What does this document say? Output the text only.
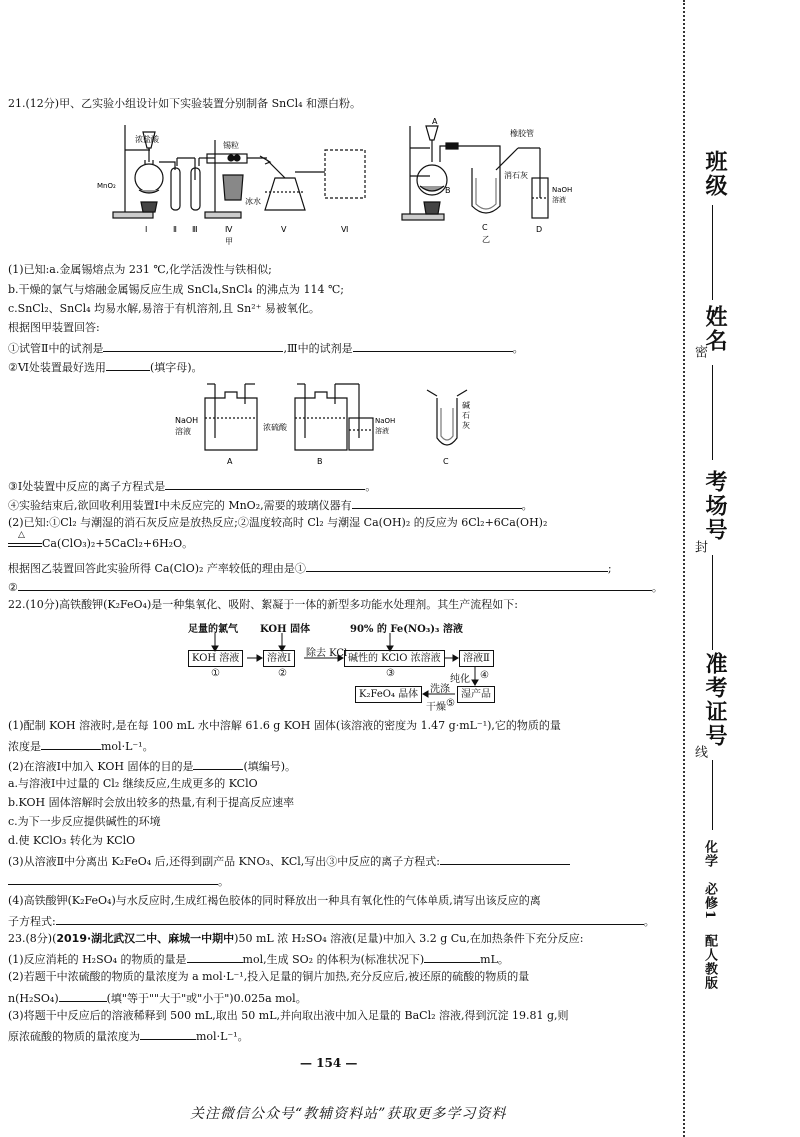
21.(12分)甲、乙实验小组设计如下实验装置分别制备 SnCl₄ 和漂白粉。
浓盐酸
锡粒
MnO₂
冰水
Ⅰ	Ⅱ Ⅲ	Ⅳ	Ⅴ	Ⅵ
甲
A
B
C	D
橡胶管
消石灰
NaOH
溶液
乙
(1)已知:a.金属锡熔点为 231 ℃,化学活泼性与铁相似;
b.干燥的氯气与熔融金属锡反应生成 SnCl₄,SnCl₄ 的沸点为 114 ℃;
c.SnCl₂、SnCl₄ 均易水解,易溶于有机溶剂,且 Sn²⁺ 易被氧化。
根据图甲装置回答:
①试管Ⅱ中的试剂是	,Ⅲ中的试剂是	。
②Ⅵ处装置最好选用	(填字母)。
NaOH
溶液
A
浓硫酸
NaOH
溶液
B
碱
石
灰
C
③Ⅰ处装置中反应的离子方程式是	。
④实验结束后,欲回收利用装置Ⅰ中未反应完的 MnO₂,需要的玻璃仪器有	。
(2)已知:①Cl₂ 与潮湿的消石灰反应是放热反应;②温度较高时 Cl₂ 与潮湿 Ca(OH)₂ 的反应为 6Cl₂+6Ca(OH)₂
△
Ca(ClO₃)₂+5CaCl₂+6H₂O。
根据图乙装置回答此实验所得 Ca(ClO)₂ 产率较低的理由是①	;
②	。
22.(10分)高铁酸钾(K₂FeO₄)是一种集氧化、吸附、絮凝于一体的新型多功能水处理剂。其生产流程如下:
足量的氯气 KOH 固体	90% 的 Fe(NO₃)₃ 溶液
KOH 溶液	溶液Ⅰ	除去 KCl 碱性的 KClO 浓溶液	溶液Ⅱ
①	②	③
纯化 ④
湿产品
洗涤
干燥 ⑤
K₂FeO₄ 晶体
(1)配制 KOH 溶液时,是在每 100 mL 水中溶解 61.6 g KOH 固体(该溶液的密度为 1.47 g·mL⁻¹),它的物质的量
浓度是	mol·L⁻¹。
(2)在溶液Ⅰ中加入 KOH 固体的目的是	(填编号)。
a.与溶液Ⅰ中过量的 Cl₂ 继续反应,生成更多的 KClO
b.KOH 固体溶解时会放出较多的热量,有利于提高反应速率
c.为下一步反应提供碱性的环境
d.使 KClO₃ 转化为 KClO
(3)从溶液Ⅱ中分离出 K₂FeO₄ 后,还得到副产品 KNO₃、KCl,写出③中反应的离子方程式:
。
(4)高铁酸钾(K₂FeO₄)与水反应时,生成红褐色胶体的同时释放出一种具有氧化性的气体单质,请写出该反应的离
子方程式:	。
23.(8分)(2019·湖北武汉二中、麻城一中期中)50 mL 浓 H₂SO₄ 溶液(足量)中加入 3.2 g Cu,在加热条件下充分反应:
(1)反应消耗的 H₂SO₄ 的物质的量是	mol,生成 SO₂ 的体积为(标准状况下)	mL。
(2)若题干中浓硫酸的物质的量浓度为 a mol·L⁻¹,投入足量的铜片加热,充分反应后,被还原的硫酸的物质的量
n(H₂SO₄)	(填"等于""大于"或"小于")0.025a mol。
(3)将题干中反应后的溶液稀释到 500 mL,取出 50 mL,并向取出液中加入足量的 BaCl₂ 溶液,得到沉淀 19.81 g,则
原浓硫酸的物质的量浓度为	mol·L⁻¹。
— 154 —
关注微信公众号“教辅资料站”获取更多学习资料
班级
姓名
密
考场号
封
准考证号
线
化学　必修1　配人教版
